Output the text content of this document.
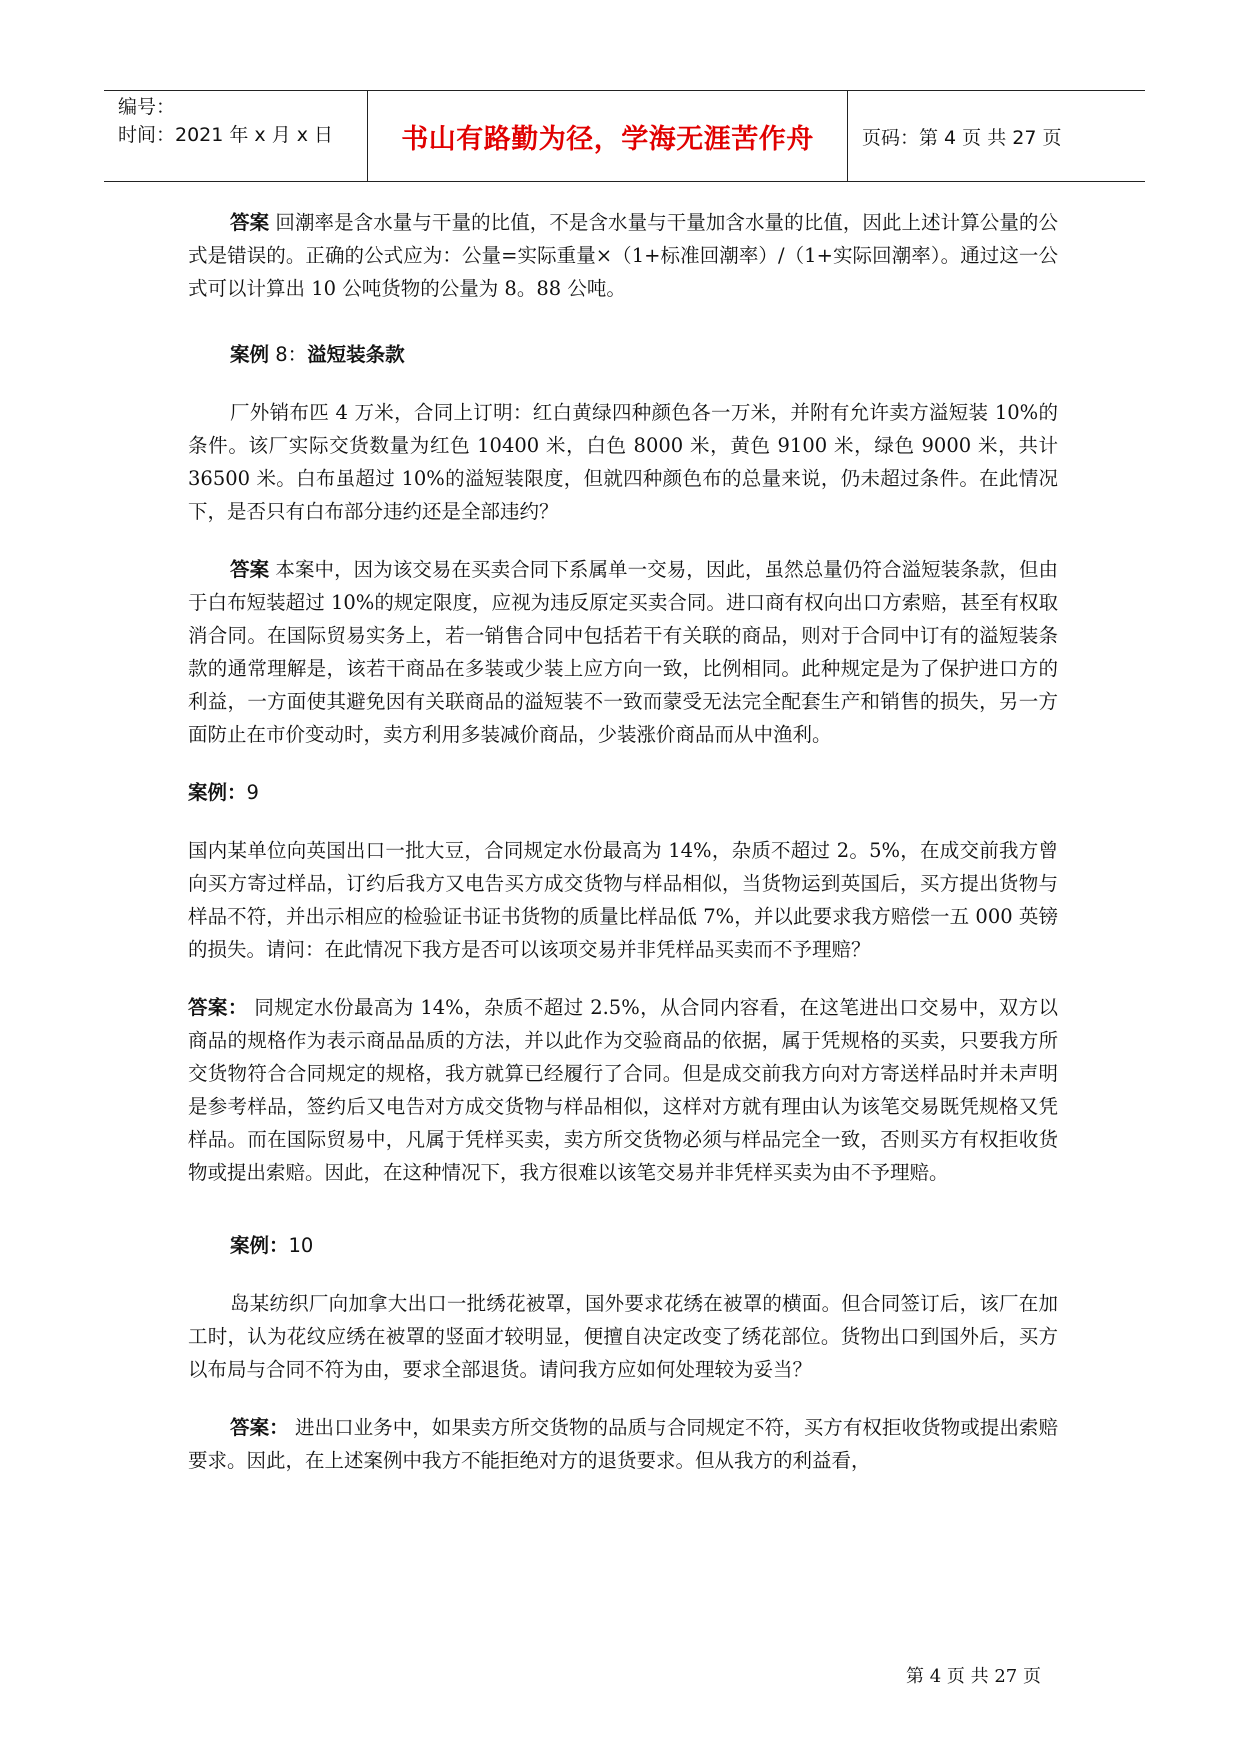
编号：
时间：2021 年 x 月 x 日	书山有路勤为径，学海无涯苦作舟	页码：第 4 页 共 27 页

答案 回潮率是含水量与干量的比值，不是含水量与干量加含水量的比值，因此上述计算公量的公式是错误的。正确的公式应为：公量=实际重量×（1+标准回潮率）/（1+实际回潮率）。通过这一公式可以计算出 10 公吨货物的公量为 8。88 公吨。

案例 8：溢短装条款

厂外销布匹 4 万米，合同上订明：红白黄绿四种颜色各一万米，并附有允许卖方溢短装 10%的条件。该厂实际交货数量为红色 10400 米，白色 8000 米，黄色 9100 米，绿色 9000 米，共计 36500 米。白布虽超过 10%的溢短装限度，但就四种颜色布的总量来说，仍未超过条件。在此情况下，是否只有白布部分违约还是全部违约？

答案 本案中，因为该交易在买卖合同下系属单一交易，因此，虽然总量仍符合溢短装条款，但由于白布短装超过 10%的规定限度，应视为违反原定买卖合同。进口商有权向出口方索赔，甚至有权取消合同。在国际贸易实务上，若一销售合同中包括若干有关联的商品，则对于合同中订有的溢短装条款的通常理解是，该若干商品在多装或少装上应方向一致，比例相同。此种规定是为了保护进口方的利益，一方面使其避免因有关联商品的溢短装不一致而蒙受无法完全配套生产和销售的损失，另一方面防止在市价变动时，卖方利用多装减价商品，少装涨价商品而从中渔利。

案例：9

国内某单位向英国出口一批大豆，合同规定水份最高为 14%，杂质不超过 2。5%，在成交前我方曾向买方寄过样品，订约后我方又电告买方成交货物与样品相似，当货物运到英国后，买方提出货物与样品不符，并出示相应的检验证书证书货物的质量比样品低 7%，并以此要求我方赔偿一五 000 英镑的损失。请问：在此情况下我方是否可以该项交易并非凭样品买卖而不予理赔？

答案： 同规定水份最高为 14%，杂质不超过 2.5%，从合同内容看，在这笔进出口交易中，双方以商品的规格作为表示商品品质的方法，并以此作为交验商品的依据，属于凭规格的买卖，只要我方所交货物符合合同规定的规格，我方就算已经履行了合同。但是成交前我方向对方寄送样品时并未声明是参考样品，签约后又电告对方成交货物与样品相似，这样对方就有理由认为该笔交易既凭规格又凭样品。而在国际贸易中，凡属于凭样买卖，卖方所交货物必须与样品完全一致，否则买方有权拒收货物或提出索赔。因此，在这种情况下，我方很难以该笔交易并非凭样买卖为由不予理赔。

案例：10

岛某纺织厂向加拿大出口一批绣花被罩，国外要求花绣在被罩的横面。但合同签订后，该厂在加工时，认为花纹应绣在被罩的竖面才较明显，便擅自决定改变了绣花部位。货物出口到国外后，买方以布局与合同不符为由，要求全部退货。请问我方应如何处理较为妥当？

答案： 进出口业务中，如果卖方所交货物的品质与合同规定不符，买方有权拒收货物或提出索赔要求。因此，在上述案例中我方不能拒绝对方的退货要求。但从我方的利益看，

第 4 页 共 27 页
